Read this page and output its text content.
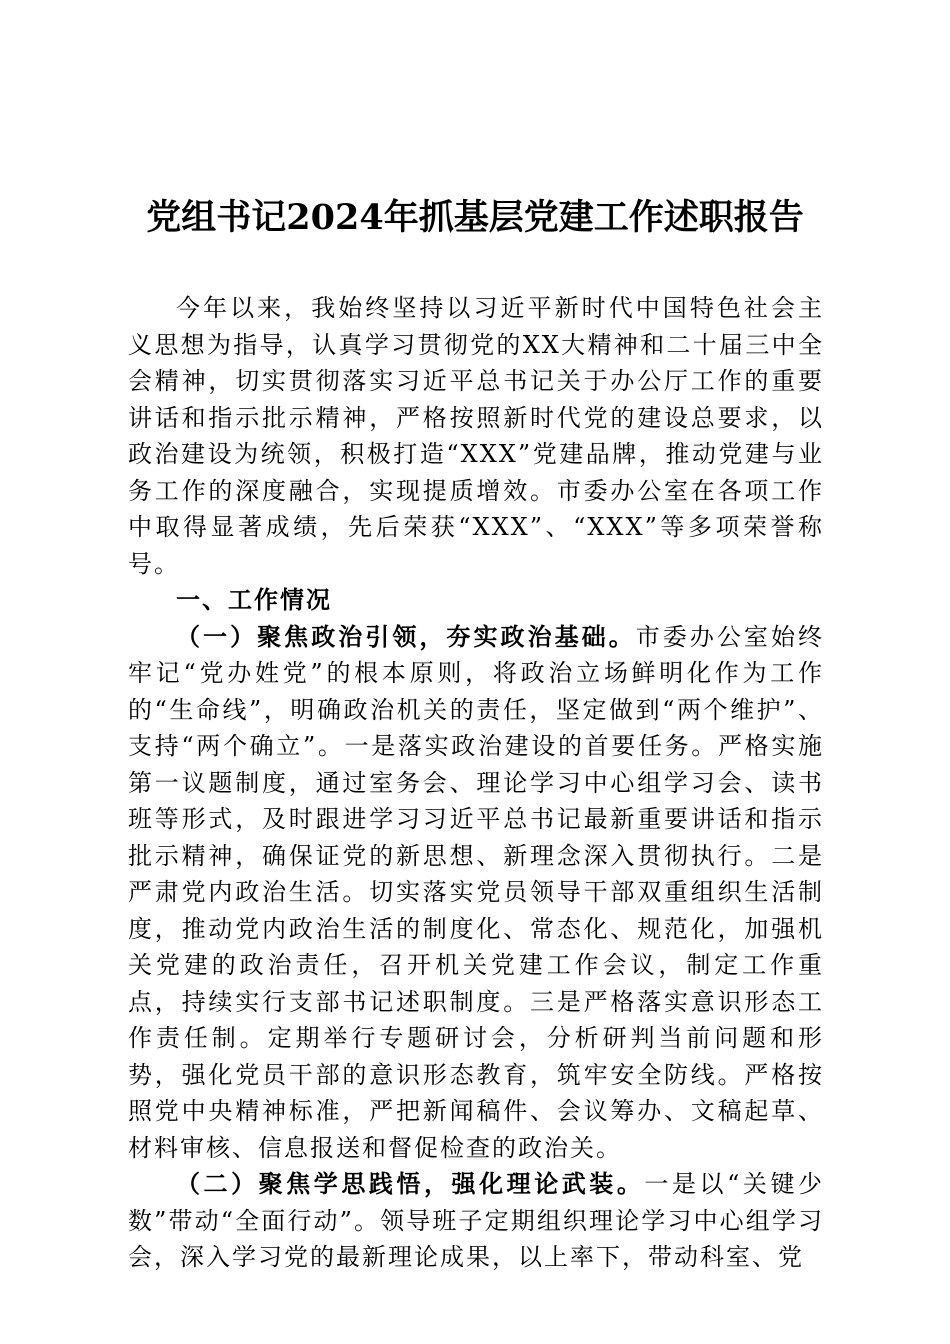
党组书记2024年抓基层党建工作述职报告

今年以来，我始终坚持以习近平新时代中国特色社会主义思想为指导，认真学习贯彻党的XX大精神和二十届三中全会精神，切实贯彻落实习近平总书记关于办公厅工作的重要讲话和指示批示精神，严格按照新时代党的建设总要求，以政治建设为统领，积极打造“XXX”党建品牌，推动党建与业务工作的深度融合，实现提质增效。市委办公室在各项工作中取得显著成绩，先后荣获“XXX”、“XXX”等多项荣誉称号。

一、工作情况

（一）聚焦政治引领，夯实政治基础。市委办公室始终牢记“党办姓党”的根本原则，将政治立场鲜明化作为工作的“生命线”，明确政治机关的责任，坚定做到“两个维护”、支持“两个确立”。一是落实政治建设的首要任务。严格实施第一议题制度，通过室务会、理论学习中心组学习会、读书班等形式，及时跟进学习习近平总书记最新重要讲话和指示批示精神，确保证党的新思想、新理念深入贯彻执行。二是严肃党内政治生活。切实落实党员领导干部双重组织生活制度，推动党内政治生活的制度化、常态化、规范化，加强机关党建的政治责任，召开机关党建工作会议，制定工作重点，持续实行支部书记述职制度。三是严格落实意识形态工作责任制。定期举行专题研讨会，分析研判当前问题和形势，强化党员干部的意识形态教育，筑牢安全防线。严格按照党中央精神标准，严把新闻稿件、会议筹办、文稿起草、材料审核、信息报送和督促检查的政治关。

（二）聚焦学思践悟，强化理论武装。一是以“关键少数”带动“全面行动”。领导班子定期组织理论学习中心组学习会，深入学习党的最新理论成果，以上率下，带动科室、党
